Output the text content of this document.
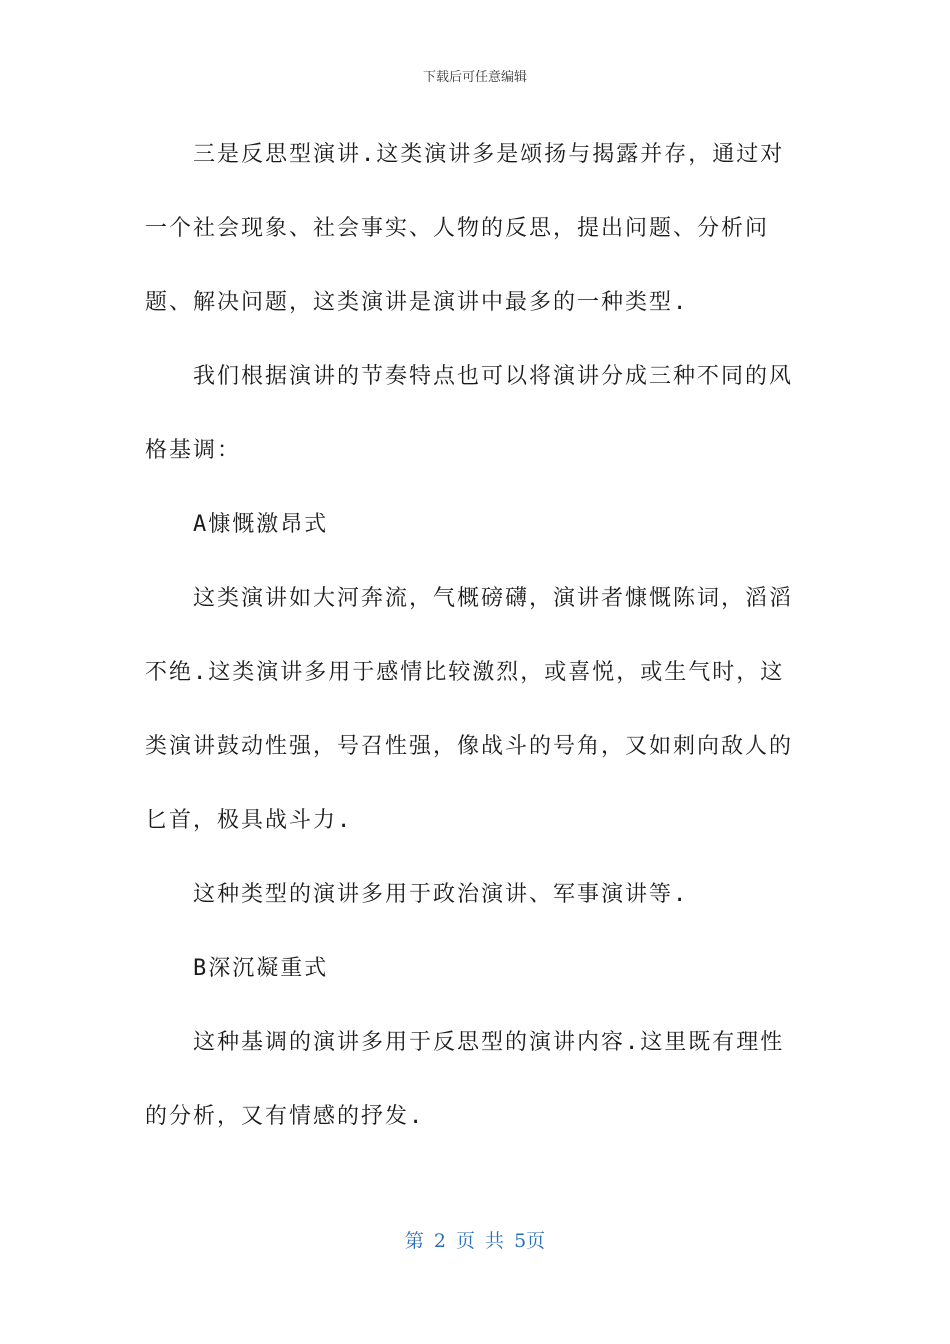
下载后可任意编辑

三是反思型演讲.这类演讲多是颂扬与揭露并存，通过对一个社会现象、社会事实、人物的反思，提出问题、分析问题、解决问题，这类演讲是演讲中最多的一种类型.

我们根据演讲的节奏特点也可以将演讲分成三种不同的风格基调：

A慷慨激昂式

这类演讲如大河奔流，气概磅礴，演讲者慷慨陈词，滔滔不绝.这类演讲多用于感情比较激烈，或喜悦，或生气时，这类演讲鼓动性强，号召性强，像战斗的号角，又如刺向敌人的匕首，极具战斗力.

这种类型的演讲多用于政治演讲、军事演讲等.

B深沉凝重式

这种基调的演讲多用于反思型的演讲内容.这里既有理性的分析，又有情感的抒发.

第 2 页 共 5页
